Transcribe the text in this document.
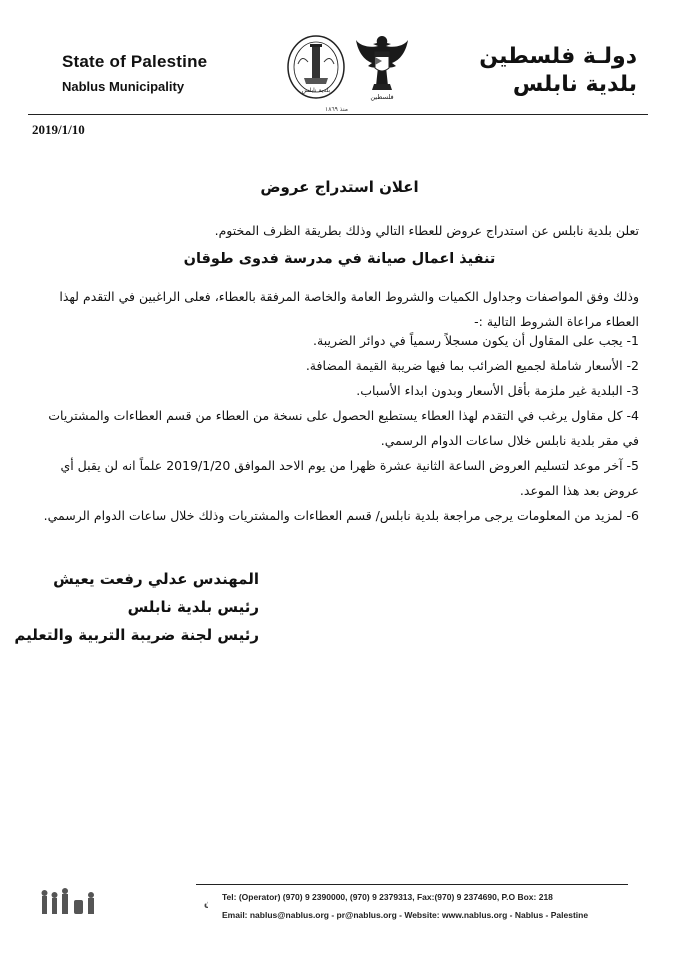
State of Palestine
Nablus Municipality	بلدية نابلس
فلسطين
منذ ١٨٦٩
دولـة فلسطين
بلدية نابلس
2019/1/10
اعلان استدراج عروض
تعلن بلدية نابلس عن استدراج عروض للعطاء التالي وذلك بطريقة الظرف المختوم.
تنفيذ اعمال صيانة في مدرسة فدوى طوقان
وذلك وفق المواصفات وجداول الكميات والشروط العامة والخاصة المرفقة بالعطاء، فعلى الراغبين في التقدم لهذا العطاء مراعاة الشروط التالية :-
1- يجب على المقاول أن يكون مسجلاً رسمياً في دوائر الضريبة.
2- الأسعار شاملة لجميع الضرائب بما فيها ضريبة القيمة المضافة.
3- البلدية غير ملزمة بأقل الأسعار وبدون ابداء الأسباب.
4- كل مقاول يرغب في التقدم لهذا العطاء يستطيع الحصول على نسخة من العطاء من قسم العطاءات والمشتريات في مقر بلدية نابلس خلال ساعات الدوام الرسمي.
5- آخر موعد لتسليم العروض الساعة الثانية عشرة ظهرا من يوم الاحد الموافق 2019/1/20 علماً انه لن يقبل أي عروض بعد هذا الموعد.
6- لمزيد من المعلومات يرجى مراجعة بلدية نابلس/ قسم العطاءات والمشتريات وذلك خلال ساعات الدوام الرسمي.
المهندس عدلي رفعت يعيش
رئيس بلدية نابلس
رئيس لجنة ضريبة التربية والتعليم
Tel: (Operator) (970) 9 2390000, (970) 9 2379313, Fax:(970) 9 2374690, P.O Box: 218
Email: nablus@nablus.org - pr@nablus.org - Website: www.nablus.org - Nablus - Palestine
